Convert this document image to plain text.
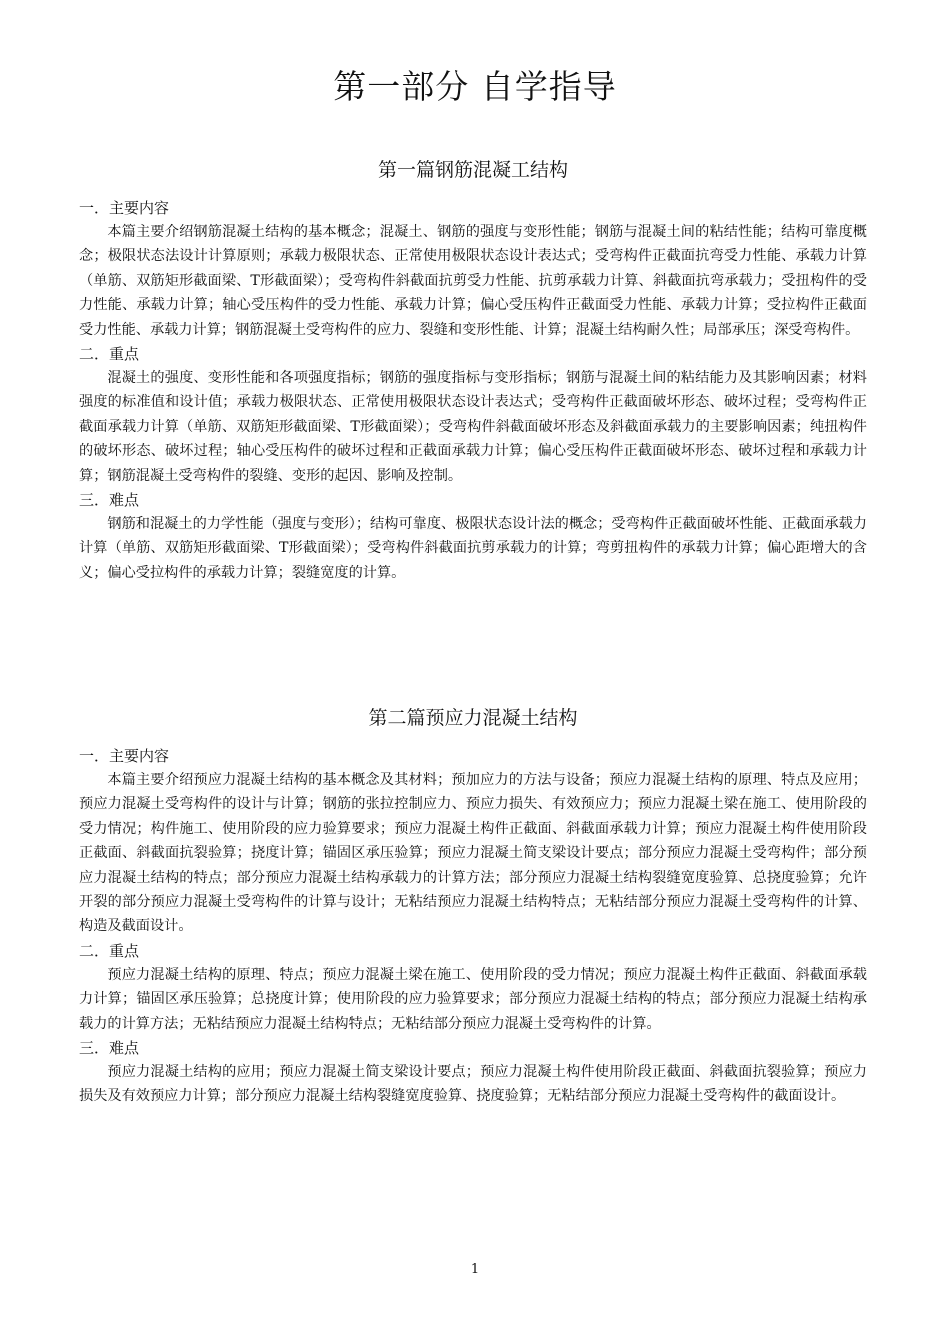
第一部分 自学指导
第一篇钢筋混凝工结构
一．主要内容

本篇主要介绍钢筋混凝土结构的基本概念；混凝土、钢筋的强度与变形性能；钢筋与混凝土间的粘结性能；结构可靠度概念；极限状态法设计计算原则；承载力极限状态、正常使用极限状态设计表达式；受弯构件正截面抗弯受力性能、承载力计算（单筋、双筋矩形截面梁、T形截面梁）；受弯构件斜截面抗剪受力性能、抗剪承载力计算、斜截面抗弯承载力；受扭构件的受力性能、承载力计算；轴心受压构件的受力性能、承载力计算；偏心受压构件正截面受力性能、承载力计算；受拉构件正截面受力性能、承载力计算；钢筋混凝土受弯构件的应力、裂缝和变形性能、计算；混凝土结构耐久性；局部承压；深受弯构件。

二．重点

混凝土的强度、变形性能和各项强度指标；钢筋的强度指标与变形指标；钢筋与混凝土间的粘结能力及其影响因素；材料强度的标准值和设计值；承载力极限状态、正常使用极限状态设计表达式；受弯构件正截面破坏形态、破坏过程；受弯构件正截面承载力计算（单筋、双筋矩形截面梁、T形截面梁）；受弯构件斜截面破坏形态及斜截面承载力的主要影响因素；纯扭构件的破坏形态、破坏过程；轴心受压构件的破坏过程和正截面承载力计算；偏心受压构件正截面破坏形态、破坏过程和承载力计算；钢筋混凝土受弯构件的裂缝、变形的起因、影响及控制。

三．难点

钢筋和混凝土的力学性能（强度与变形）；结构可靠度、极限状态设计法的概念；受弯构件正截面破坏性能、正截面承载力计算（单筋、双筋矩形截面梁、T形截面梁）；受弯构件斜截面抗剪承载力的计算；弯剪扭构件的承载力计算；偏心距增大的含义；偏心受拉构件的承载力计算；裂缝宽度的计算。

第二篇预应力混凝土结构
一．主要内容

本篇主要介绍预应力混凝土结构的基本概念及其材料；预加应力的方法与设备；预应力混凝土结构的原理、特点及应用；预应力混凝土受弯构件的设计与计算；钢筋的张拉控制应力、预应力损失、有效预应力；预应力混凝土梁在施工、使用阶段的受力情况；构件施工、使用阶段的应力验算要求；预应力混凝土构件正截面、斜截面承载力计算；预应力混凝土构件使用阶段正截面、斜截面抗裂验算；挠度计算；锚固区承压验算；预应力混凝土简支梁设计要点；部分预应力混凝土受弯构件；部分预应力混凝土结构的特点；部分预应力混凝土结构承载力的计算方法；部分预应力混凝土结构裂缝宽度验算、总挠度验算；允许开裂的部分预应力混凝土受弯构件的计算与设计；无粘结预应力混凝土结构特点；无粘结部分预应力混凝土受弯构件的计算、构造及截面设计。

二．重点

预应力混凝土结构的原理、特点；预应力混凝土梁在施工、使用阶段的受力情况；预应力混凝土构件正截面、斜截面承载力计算；锚固区承压验算；总挠度计算；使用阶段的应力验算要求；部分预应力混凝土结构的特点；部分预应力混凝土结构承载力的计算方法；无粘结预应力混凝土结构特点；无粘结部分预应力混凝土受弯构件的计算。

三．难点

预应力混凝土结构的应用；预应力混凝土简支梁设计要点；预应力混凝土构件使用阶段正截面、斜截面抗裂验算；预应力损失及有效预应力计算；部分预应力混凝土结构裂缝宽度验算、挠度验算；无粘结部分预应力混凝土受弯构件的截面设计。

1
